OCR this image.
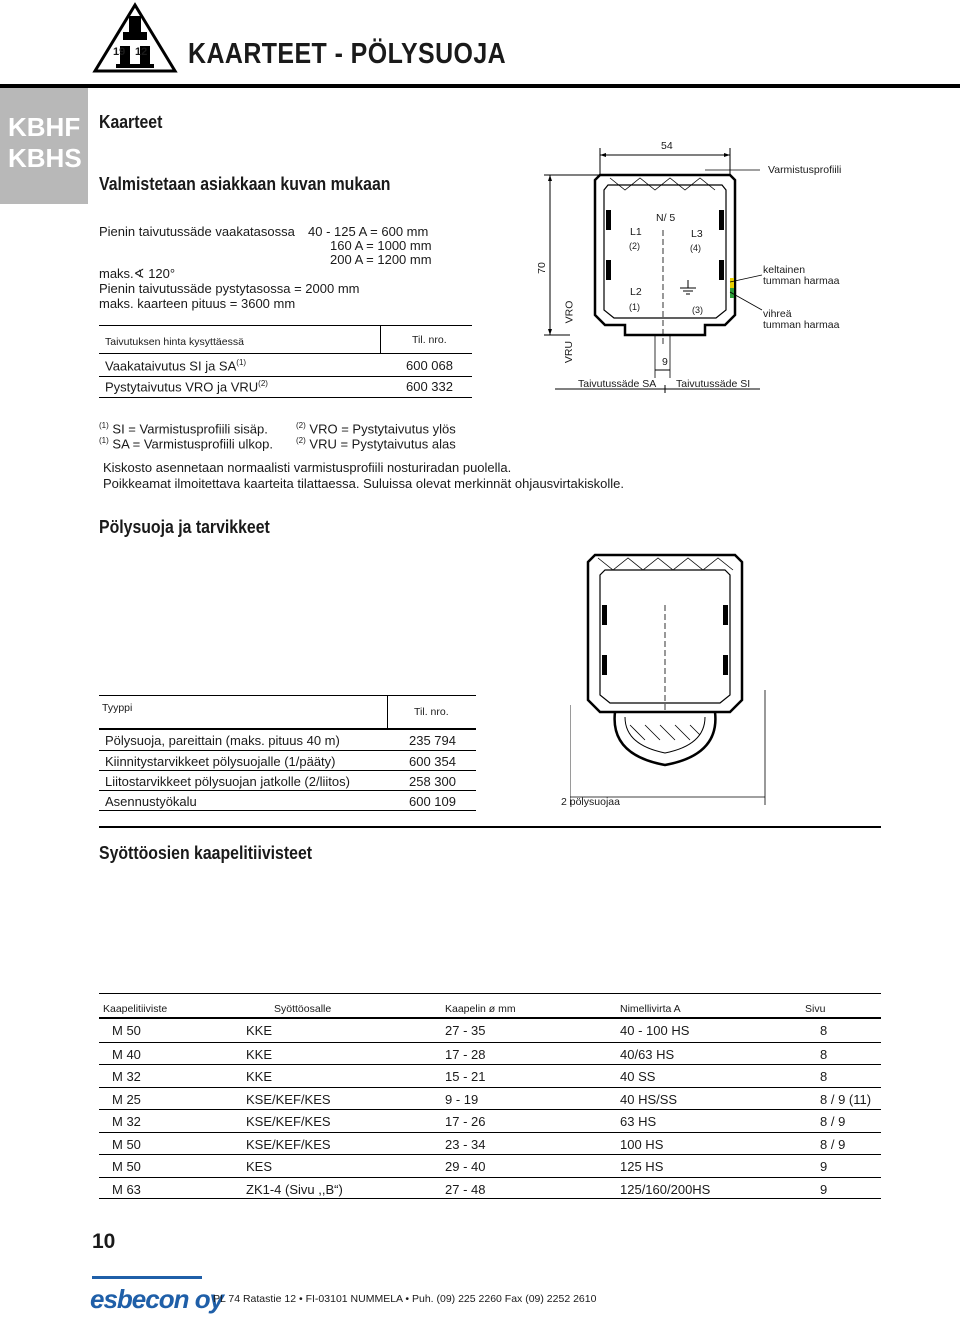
19 12 KAARTEET - PÖLYSUOJA
KBHF
KBHS
Kaarteet
Valmistetaan asiakkaan kuvan mukaan
Pienin taivutussäde vaakatasossa 40 - 125 A = 600 mm
160 A = 1000 mm
200 A = 1200 mm
maks.∢ 120°
Pienin taivutussäde pystytasossa = 2000 mm
maks. kaarteen pituus = 3600 mm
Taivutuksen hinta kysyttäessä	Til. nro.
Vaakataivutus SI ja SA$^{(1)}$	600 068
Pystytaivutus VRO ja VRU$^{(2)}$	600 332
$^{(1)}$ SI = Varmistusprofiili sisäp.
$^{(1)}$ SA = Varmistusprofiili ulkop.
$^{(2)}$ VRO = Pystytaivutus ylös
$^{(2)}$ VRU = Pystytaivutus alas
Kiskosto asennetaan normaalisti varmistusprofiili nosturiradan puolella.
Poikkeamat ilmoitettava kaarteita tilattaessa. Suluissa olevat merkinnät ohjausvirtakiskolle.
54
70
9
Varmistusprofiili
VRO
VRU
N/ 5
L1
(2)
L2
(1)
L3
(4)
(3)
keltainen
tumman harmaa
vihreä
tumman harmaa
Taivutussäde SA Taivutussäde SI
Pölysuoja ja tarvikkeet
2 pölysuojaa
Tyyppi	Til. nro.
Pölysuoja, pareittain (maks. pituus 40 m)	235 794
Kiinnitystarvikkeet pölysuojalle (1/pääty)	600 354
Liitostarvikkeet pölysuojan jatkolle (2/liitos)	258 300
Asennustyökalu	600 109
Syöttöosien kaapelitiivisteet
Kaapelitiiviste	Syöttöosalle	Kaapelin ø mm	Nimellivirta A	Sivu
M 50	KKE	27 - 35	40 - 100 HS	8
M 40	KKE	17 - 28	40/63 HS	8
M 32	KKE	15 - 21	40 SS	8
M 25	KSE/KEF/KES	9 - 19	40 HS/SS	8 / 9 (11)
M 32	KSE/KEF/KES	17 - 26	63 HS	8 / 9
M 50	KSE/KEF/KES	23 - 34	100 HS	8 / 9
M 50	KES	29 - 40	125 HS	9
M 63	ZK1-4 (Sivu ,,B“)	27 - 48	125/160/200HS	9
10
esbecon oy
PL 74 Ratastie 12 • FI-03101 NUMMELA • Puh. (09) 225 2260 Fax (09) 2252 2610
